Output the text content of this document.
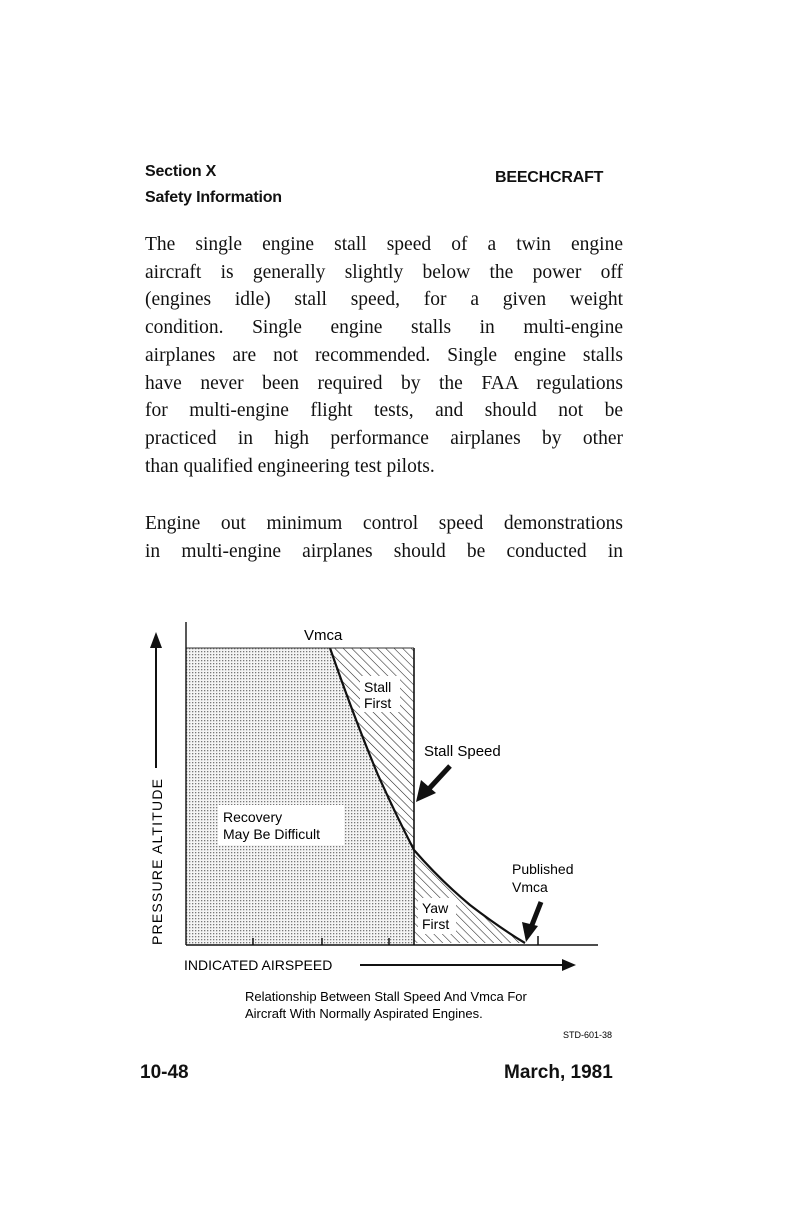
Section X
Safety Information
BEECHCRAFT

The single engine stall speed of a twin engine
aircraft is generally slightly below the power off
(engines idle) stall speed, for a given weight
condition. Single engine stalls in multi-engine
airplanes are not recommended. Single engine stalls
have never been required by the FAA regulations
for multi-engine flight tests, and should not be
practiced in high performance airplanes by other
than qualified engineering test pilots.

Engine out minimum control speed demonstrations
in multi-engine airplanes should be conducted in

PRESSURE ALTITUDE
INDICATED AIRSPEED
Vmca
Stall First
Stall Speed
Recovery May Be Difficult
Published Vmca
Yaw First
Relationship Between Stall Speed And Vmca For Aircraft With Normally Aspirated Engines.
STD-601-38
10-48	March, 1981
